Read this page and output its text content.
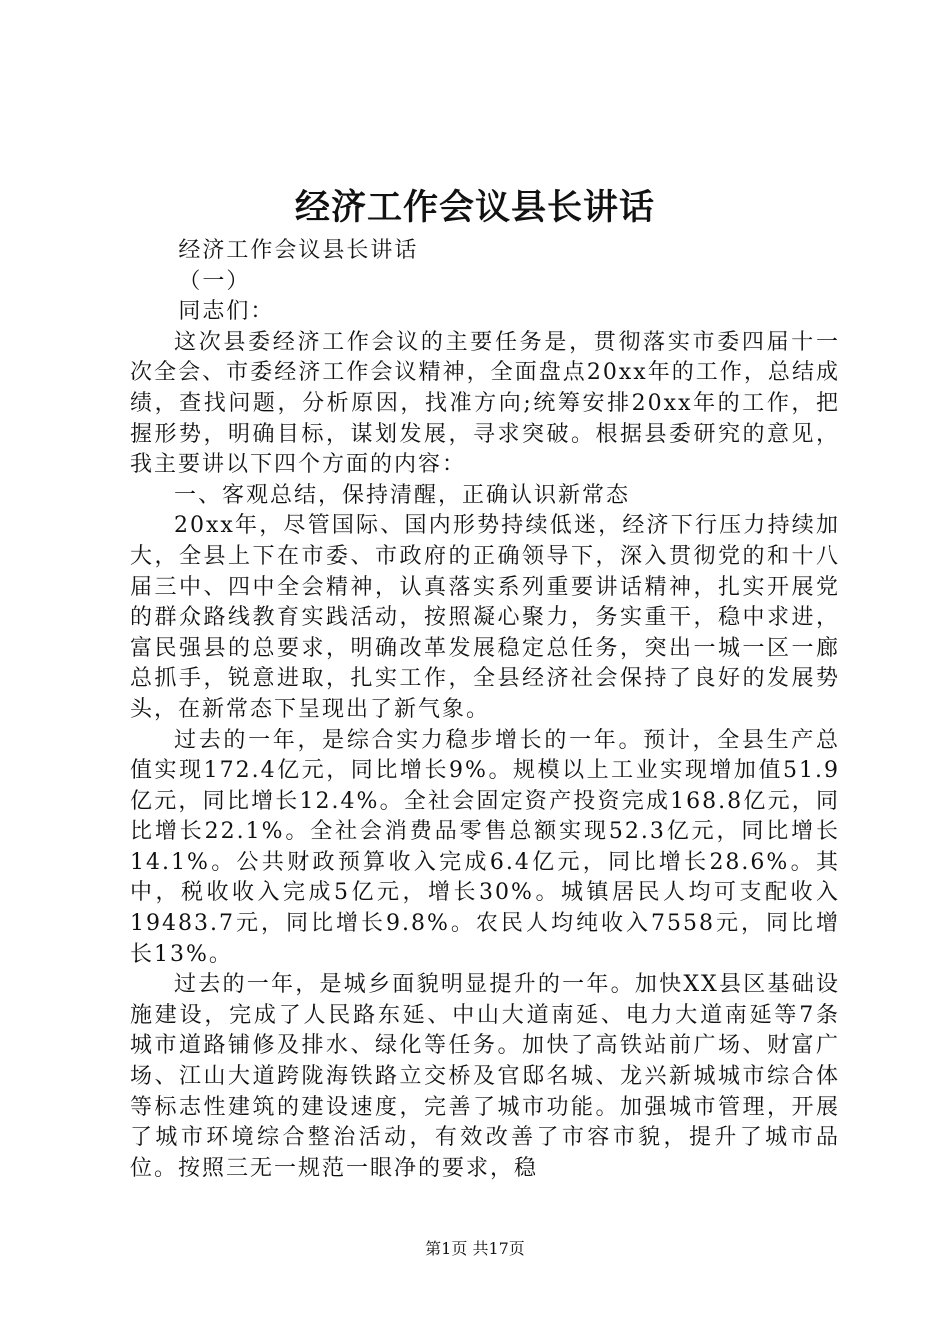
经济工作会议县长讲话

经济工作会议县长讲话

（一）

同志们：

这次县委经济工作会议的主要任务是，贯彻落实市委四届十一次全会、市委经济工作会议精神，全面盘点20xx年的工作，总结成绩，查找问题，分析原因，找准方向;统筹安排20xx年的工作，把握形势，明确目标，谋划发展，寻求突破。根据县委研究的意见，我主要讲以下四个方面的内容：

一、客观总结，保持清醒，正确认识新常态

20xx年，尽管国际、国内形势持续低迷，经济下行压力持续加大，全县上下在市委、市政府的正确领导下，深入贯彻党的和十八届三中、四中全会精神，认真落实系列重要讲话精神，扎实开展党的群众路线教育实践活动，按照凝心聚力，务实重干，稳中求进，富民强县的总要求，明确改革发展稳定总任务，突出一城一区一廊总抓手，锐意进取，扎实工作，全县经济社会保持了良好的发展势头，在新常态下呈现出了新气象。

过去的一年，是综合实力稳步增长的一年。预计，全县生产总值实现172.4亿元，同比增长9%。规模以上工业实现增加值51.9亿元，同比增长12.4%。全社会固定资产投资完成168.8亿元，同比增长22.1%。全社会消费品零售总额实现52.3亿元，同比增长14.1%。公共财政预算收入完成6.4亿元，同比增长28.6%。其中，税收收入完成5亿元，增长30%。城镇居民人均可支配收入19483.7元，同比增长9.8%。农民人均纯收入7558元，同比增长13%。

过去的一年，是城乡面貌明显提升的一年。加快XX县区基础设施建设，完成了人民路东延、中山大道南延、电力大道南延等7条城市道路铺修及排水、绿化等任务。加快了高铁站前广场、财富广场、江山大道跨陇海铁路立交桥及官邸名城、龙兴新城城市综合体等标志性建筑的建设速度，完善了城市功能。加强城市管理，开展了城市环境综合整治活动，有效改善了市容市貌，提升了城市品位。按照三无一规范一眼净的要求，稳

第1页 共17页
